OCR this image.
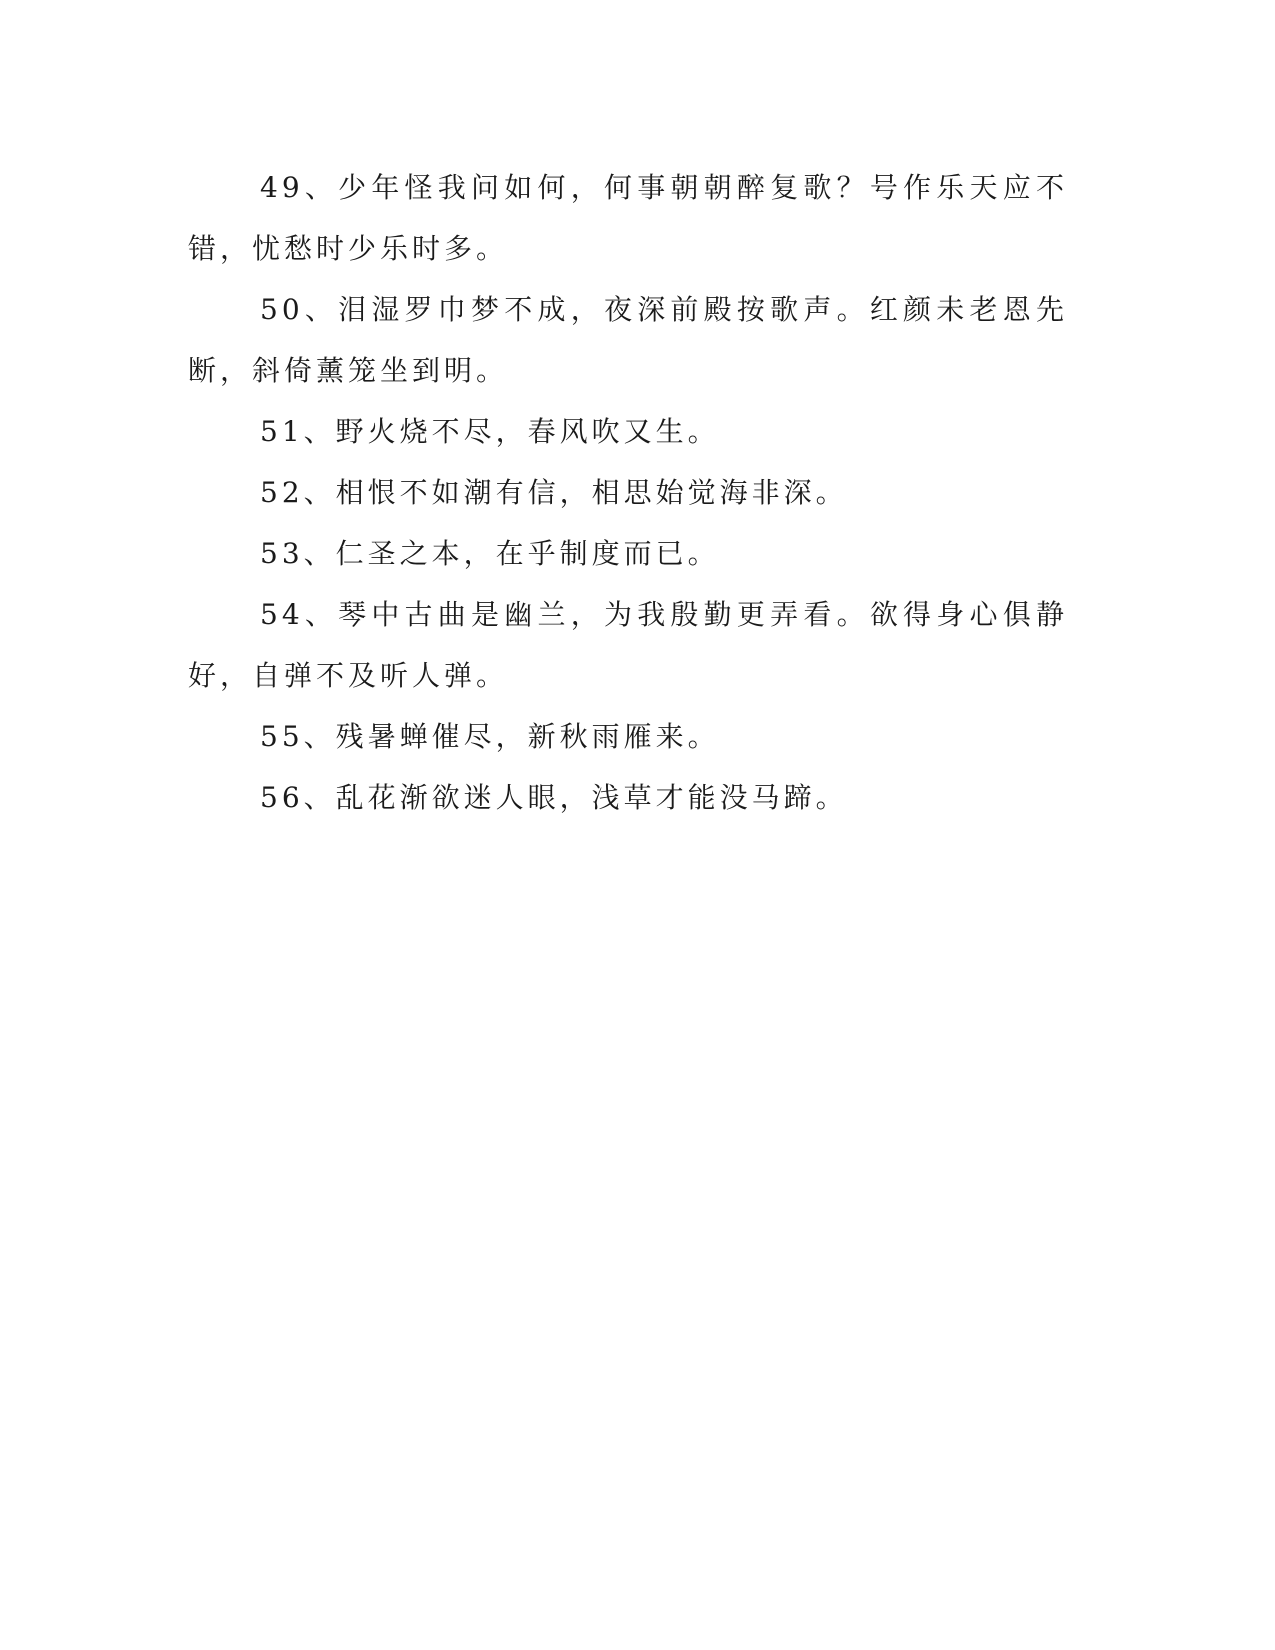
49、少年怪我问如何，何事朝朝醉复歌？号作乐天应不错，忧愁时少乐时多。

50、泪湿罗巾梦不成，夜深前殿按歌声。红颜未老恩先断，斜倚薰笼坐到明。

51、野火烧不尽，春风吹又生。

52、相恨不如潮有信，相思始觉海非深。

53、仁圣之本，在乎制度而已。

54、琴中古曲是幽兰，为我殷勤更弄看。欲得身心俱静好，自弹不及听人弹。

55、残暑蝉催尽，新秋雨雁来。

56、乱花渐欲迷人眼，浅草才能没马蹄。
